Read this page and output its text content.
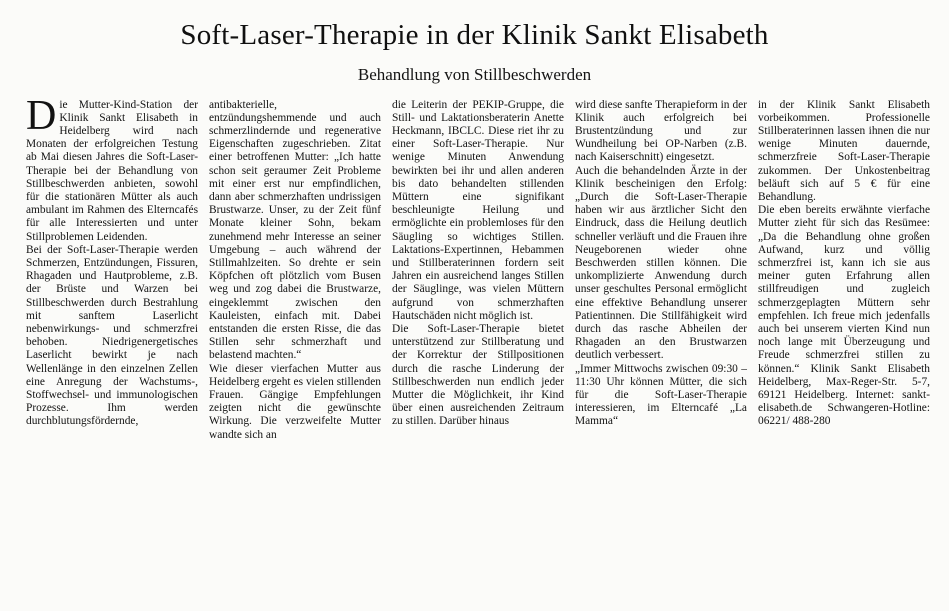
Soft-Laser-Therapie in der Klinik Sankt Elisabeth
Behandlung von Stillbeschwerden

Die Mutter-Kind-Station der Klinik Sankt Elisabeth in Heidelberg wird nach Monaten der erfolgreichen Testung ab Mai diesen Jahres die Soft-Laser-Therapie bei der Behandlung von Stillbeschwerden anbieten, sowohl für die stationären Mütter als auch ambulant im Rahmen des Elterncafés für alle Interessierten und unter Stillproblemen Leidenden.

Bei der Soft-Laser-Therapie werden Schmerzen, Entzündungen, Fissuren, Rhagaden und Hautprobleme, z.B. der Brüste und Warzen bei Stillbeschwerden durch Bestrahlung mit sanftem Laserlicht nebenwirkungs- und schmerzfrei behoben. Niedrigenergetisches Laserlicht bewirkt je nach Wellenlänge in den einzelnen Zellen eine Anregung der Wachstums-, Stoffwechsel- und immunologischen Prozesse. Ihm werden durchblutungsfördernde,

antibakterielle, entzündungshemmende und auch schmerzlindernde und regenerative Eigenschaften zugeschrieben. Zitat einer betroffenen Mutter: „Ich hatte schon seit geraumer Zeit Probleme mit einer erst nur empfindlichen, dann aber schmerzhaften undrissigen Brustwarze. Unser, zu der Zeit fünf Monate kleiner Sohn, bekam zunehmend mehr Interesse an seiner Umgebung – auch während der Stillmahlzeiten. So drehte er sein Köpfchen oft plötzlich vom Busen weg und zog dabei die Brustwarze, eingeklemmt zwischen den Kauleisten, einfach mit. Dabei entstanden die ersten Risse, die das Stillen sehr schmerzhaft und belastend machten.“

Wie dieser vierfachen Mutter aus Heidelberg ergeht es vielen stillenden Frauen. Gängige Empfehlungen zeigten nicht die gewünschte Wirkung. Die verzweifelte Mutter wandte sich an

die Leiterin der PEKIP-Gruppe, die Still- und Laktationsberaterin Anette Heckmann, IBCLC. Diese riet ihr zu einer Soft-Laser-Therapie. Nur wenige Minuten Anwendung bewirkten bei ihr und allen anderen bis dato behandelten stillenden Müttern eine signifikant beschleunigte Heilung und ermöglichte ein problemloses für den Säugling so wichtiges Stillen. Laktations-Expertinnen, Hebammen und Stillberaterinnen fordern seit Jahren ein ausreichend langes Stillen der Säuglinge, was vielen Müttern aufgrund von schmerzhaften Hautschäden nicht möglich ist.

Die Soft-Laser-Therapie bietet unterstützend zur Stillberatung und der Korrektur der Stillpositionen durch die rasche Linderung der Stillbeschwerden nun endlich jeder Mutter die Möglichkeit, ihr Kind über einen ausreichenden Zeitraum zu stillen. Darüber hinaus

wird diese sanfte Therapieform in der Klinik auch erfolgreich bei Brustentzündung und zur Wundheilung bei OP-Narben (z.B. nach Kaiserschnitt) eingesetzt.

Auch die behandelnden Ärzte in der Klinik bescheinigen den Erfolg: „Durch die Soft-Laser-Therapie haben wir aus ärztlicher Sicht den Eindruck, dass die Heilung deutlich schneller verläuft und die Frauen ihre Neugeborenen wieder ohne Beschwerden stillen können. Die unkomplizierte Anwendung durch unser geschultes Personal ermöglicht eine effektive Behandlung unserer Patientinnen. Die Stillfähigkeit wird durch das rasche Abheilen der Rhagaden an den Brustwarzen deutlich verbessert.

„Immer Mittwochs zwischen 09:30 – 11:30 Uhr können Mütter, die sich für die Soft-Laser-Therapie interessieren, im Elterncafé „La Mamma“

in der Klinik Sankt Elisabeth vorbeikommen. Professionelle Stillberaterinnen lassen ihnen die nur wenige Minuten dauernde, schmerzfreie Soft-Laser-Therapie zukommen. Der Unkostenbeitrag beläuft sich auf 5 € für eine Behandlung.

Die eben bereits erwähnte vierfache Mutter zieht für sich das Resümee: „Da die Behandlung ohne großen Aufwand, kurz und völlig schmerzfrei ist, kann ich sie aus meiner guten Erfahrung allen stillfreudigen und zugleich schmerzgeplagten Müttern sehr empfehlen. Ich freue mich jedenfalls auch bei unserem vierten Kind nun noch lange mit Überzeugung und Freude schmerzfrei stillen zu können.“ Klinik Sankt Elisabeth Heidelberg, Max-Reger-Str. 5-7, 69121 Heidelberg. Internet: sankt-elisabeth.de Schwangeren-Hotline: 06221/ 488-280
